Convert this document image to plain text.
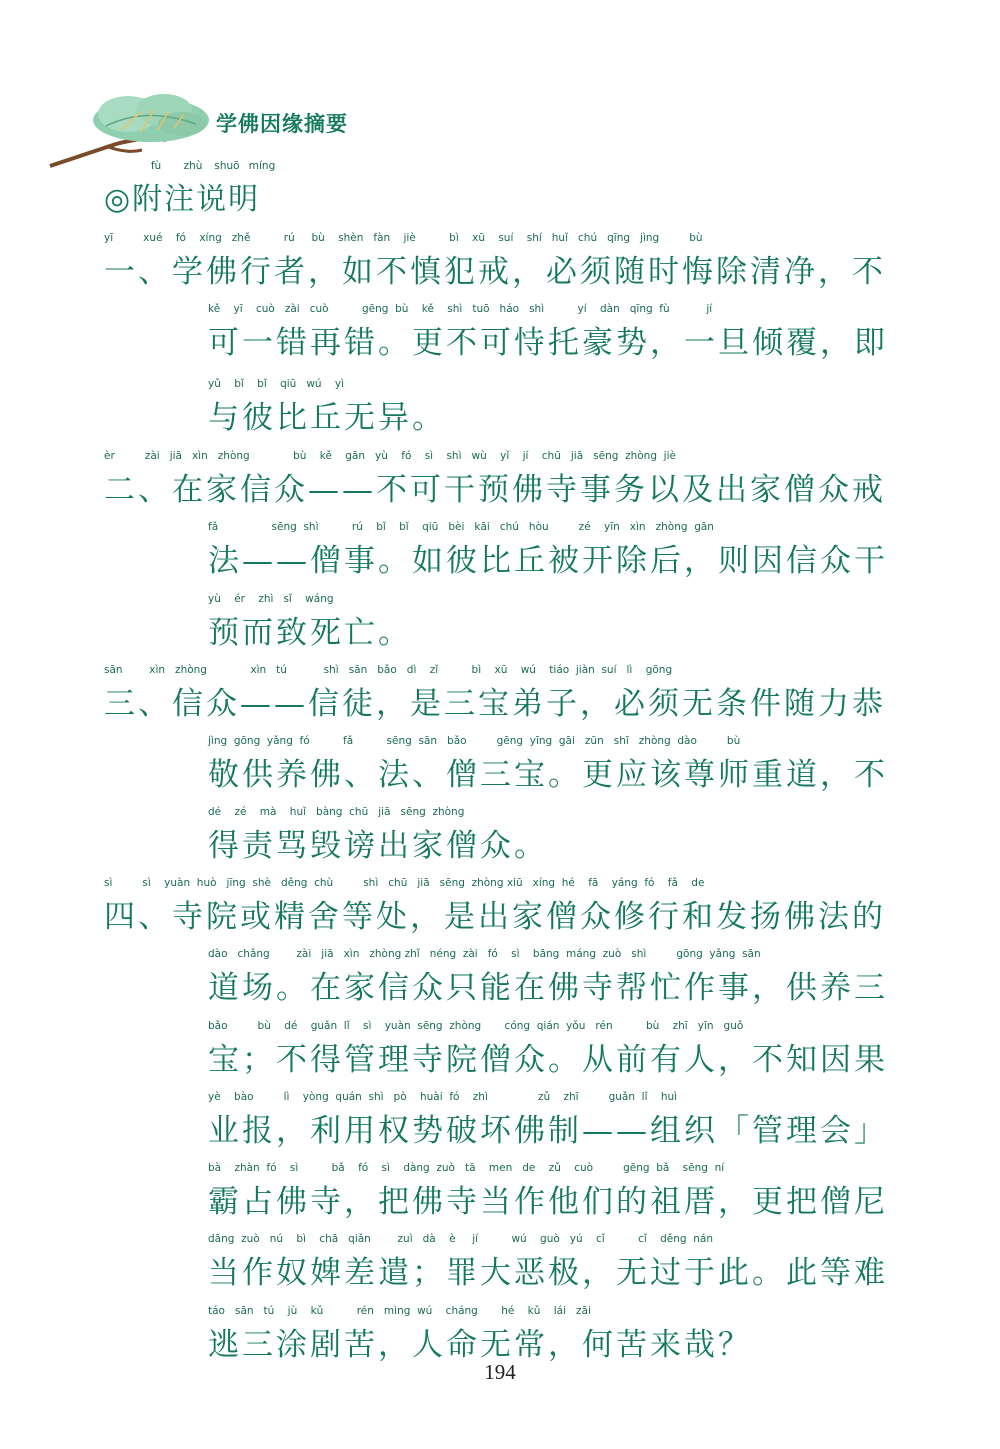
学佛因缘摘要
fù zhù shuō míng
◎附注说明
yī         xué    fó    xíng   zhě          rú     bù    shèn   fàn    jiè          bì    xū    suí    shí   huǐ   chú   qīng   jìng         bù
一、学佛行者，如不慎犯戒，必须随时悔除清净，不
kě    yī    cuò   zài   cuò          gēng  bù    kě    shì   tuō   háo   shì          yí    dàn   qīng  fù           jí
可一错再错。更不可恃托豪势，一旦倾覆，即
yǔ    bǐ    bǐ    qiū   wú    yì
与彼比丘无异。
èr         zài   jiā   xìn   zhòng             bù    kě    gān   yù    fó    sì    shì   wù    yǐ    jí    chū   jiā   sēng  zhòng  jiè
二、在家信众——不可干预佛寺事务以及出家僧众戒
fǎ                sēng  shì          rú    bǐ    bǐ    qiū   bèi   kāi   chú   hòu         zé    yīn   xìn   zhòng  gān
法——僧事。如彼比丘被开除后，则因信众干
yù    ér    zhì   sǐ    wáng
预而致死亡。
sān        xìn   zhòng             xìn   tú           shì   sān   bǎo   dì    zǐ          bì    xū    wú    tiáo  jiàn  suí   lì    gōng
三、信众——信徒，是三宝弟子，必须无条件随力恭
jìng  gōng  yǎng  fó          fǎ          sēng  sān   bǎo         gēng  yīng  gāi   zūn   shī   zhòng  dào         bù
敬供养佛、法、僧三宝。更应该尊师重道，不
dé    zé    mà    huǐ   bàng  chū   jiā   sēng  zhòng
得责骂毁谤出家僧众。
sì         sì    yuàn  huò   jīng  shè   děng  chù         shì   chū   jiā   sēng  zhòng xiū   xíng  hé    fā    yáng  fó    fǎ    de
四、寺院或精舍等处，是出家僧众修行和发扬佛法的
dào   chǎng        zài   jiā   xìn   zhòng zhǐ   néng  zài   fó    sì    bāng  máng  zuò   shì         gōng  yǎng  sān
道场。在家信众只能在佛寺帮忙作事，供养三
bǎo         bù    dé    guǎn  lǐ    sì    yuàn  sēng  zhòng       cóng  qián  yǒu   rén          bù    zhī   yīn   guǒ
宝；不得管理寺院僧众。从前有人，不知因果
yè    bào         lì    yòng  quán  shì   pò    huài  fó    zhì               zǔ    zhī         guǎn  lǐ    huì
业报，利用权势破坏佛制——组织「管理会」
bà    zhàn  fó    sì          bǎ    fó    sì    dàng  zuò   tā    men   de    zǔ    cuò         gēng  bǎ    sēng  ní
霸占佛寺，把佛寺当作他们的祖厝，更把僧尼
dāng  zuò   nú    bì    chā   qiǎn        zuì   dà    è     jí          wú    guò   yú    cǐ          cǐ    děng  nán
当作奴婢差遣；罪大恶极，无过于此。此等难
táo   sān   tú    jù    kǔ          rén   mìng  wú    cháng       hé    kǔ    lái   zāi
逃三涂剧苦，人命无常，何苦来哉？
194
